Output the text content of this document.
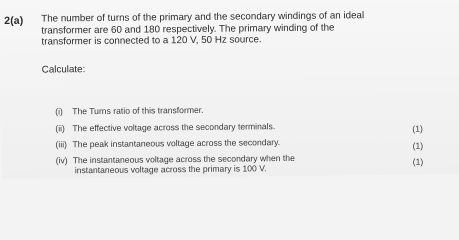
2(a) The number of turns of the primary and the secondary windings of an ideal
transformer are 60 and 180 respectively. The primary winding of the
transformer is connected to a 120 V, 50 Hz source.
Calculate:
(i) The Turns ratio of this transformer.
(ii) The effective voltage across the secondary terminals.
(iii) The peak instantaneous voltage across the secondary.
(iv) The instantaneous voltage across the secondary when the
instantaneous voltage across the primary is 100 V.
(1)
(1)
(1)
